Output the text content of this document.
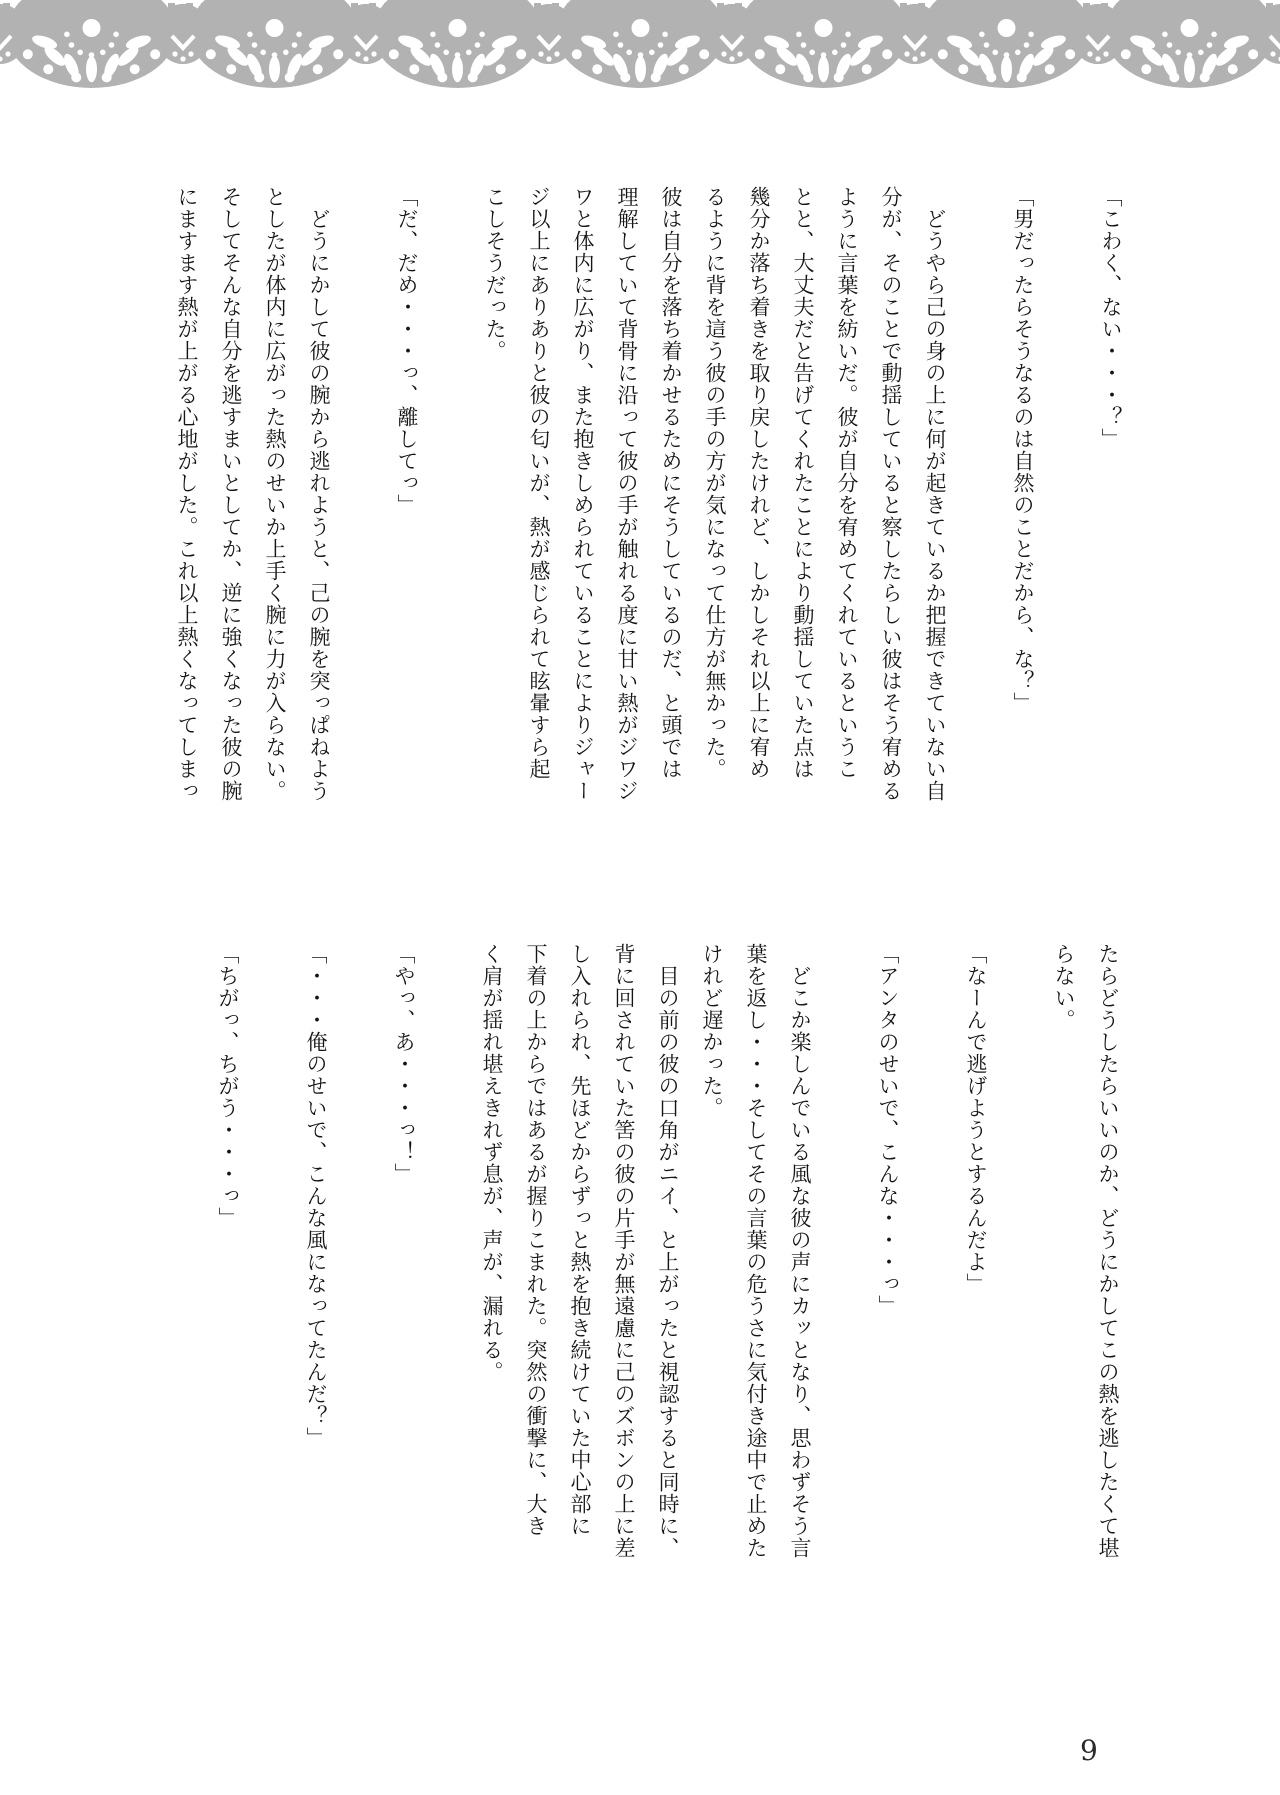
「こわく、ない・・・？」

「男だったらそうなるのは自然のことだから、な？」

　どうやら己の身の上に何が起きているか把握できていない自
分が、そのことで動揺していると察したらしい彼はそう宥める
ように言葉を紡いだ。彼が自分を宥めてくれているというこ
とと、大丈夫だと告げてくれたことにより動揺していた点は
幾分か落ち着きを取り戻したけれど、しかしそれ以上に宥め
るように背を這う彼の手の方が気になって仕方が無かった。
彼は自分を落ち着かせるためにそうしているのだ、と頭では
理解していて背骨に沿って彼の手が触れる度に甘い熱がジワジ
ワと体内に広がり、また抱きしめられていることによりジャー
ジ以上にありありと彼の匂いが、熱が感じられて眩暈すら起
こしそうだった。

「だ、だめ・・・っ、離してっ」

　どうにかして彼の腕から逃れようと、己の腕を突っぱねよう
としたが体内に広がった熱のせいか上手く腕に力が入らない。
そしてそんな自分を逃すまいとしてか、逆に強くなった彼の腕
にますます熱が上がる心地がした。これ以上熱くなってしまっ
たらどうしたらいいのか、どうにかしてこの熱を逃したくて堪
らない。

「なーんで逃げようとするんだよ」

「アンタのせいで、こんな・・・っ」

　どこか楽しんでいる風な彼の声にカッとなり、思わずそう言
葉を返し・・・そしてその言葉の危うさに気付き途中で止めた
けれど遅かった。
　目の前の彼の口角がニイ、と上がったと視認すると同時に、
背に回されていた筈の彼の片手が無遠慮に己のズボンの上に差
し入れられ、先ほどからずっと熱を抱き続けていた中心部に
下着の上からではあるが握りこまれた。突然の衝撃に、大き
く肩が揺れ堪えきれず息が、声が、漏れる。

「やっ、あ・・・っ！」

「・・・俺のせいで、こんな風になってたんだ？」

「ちがっ、ちがう・・・っ」
9
